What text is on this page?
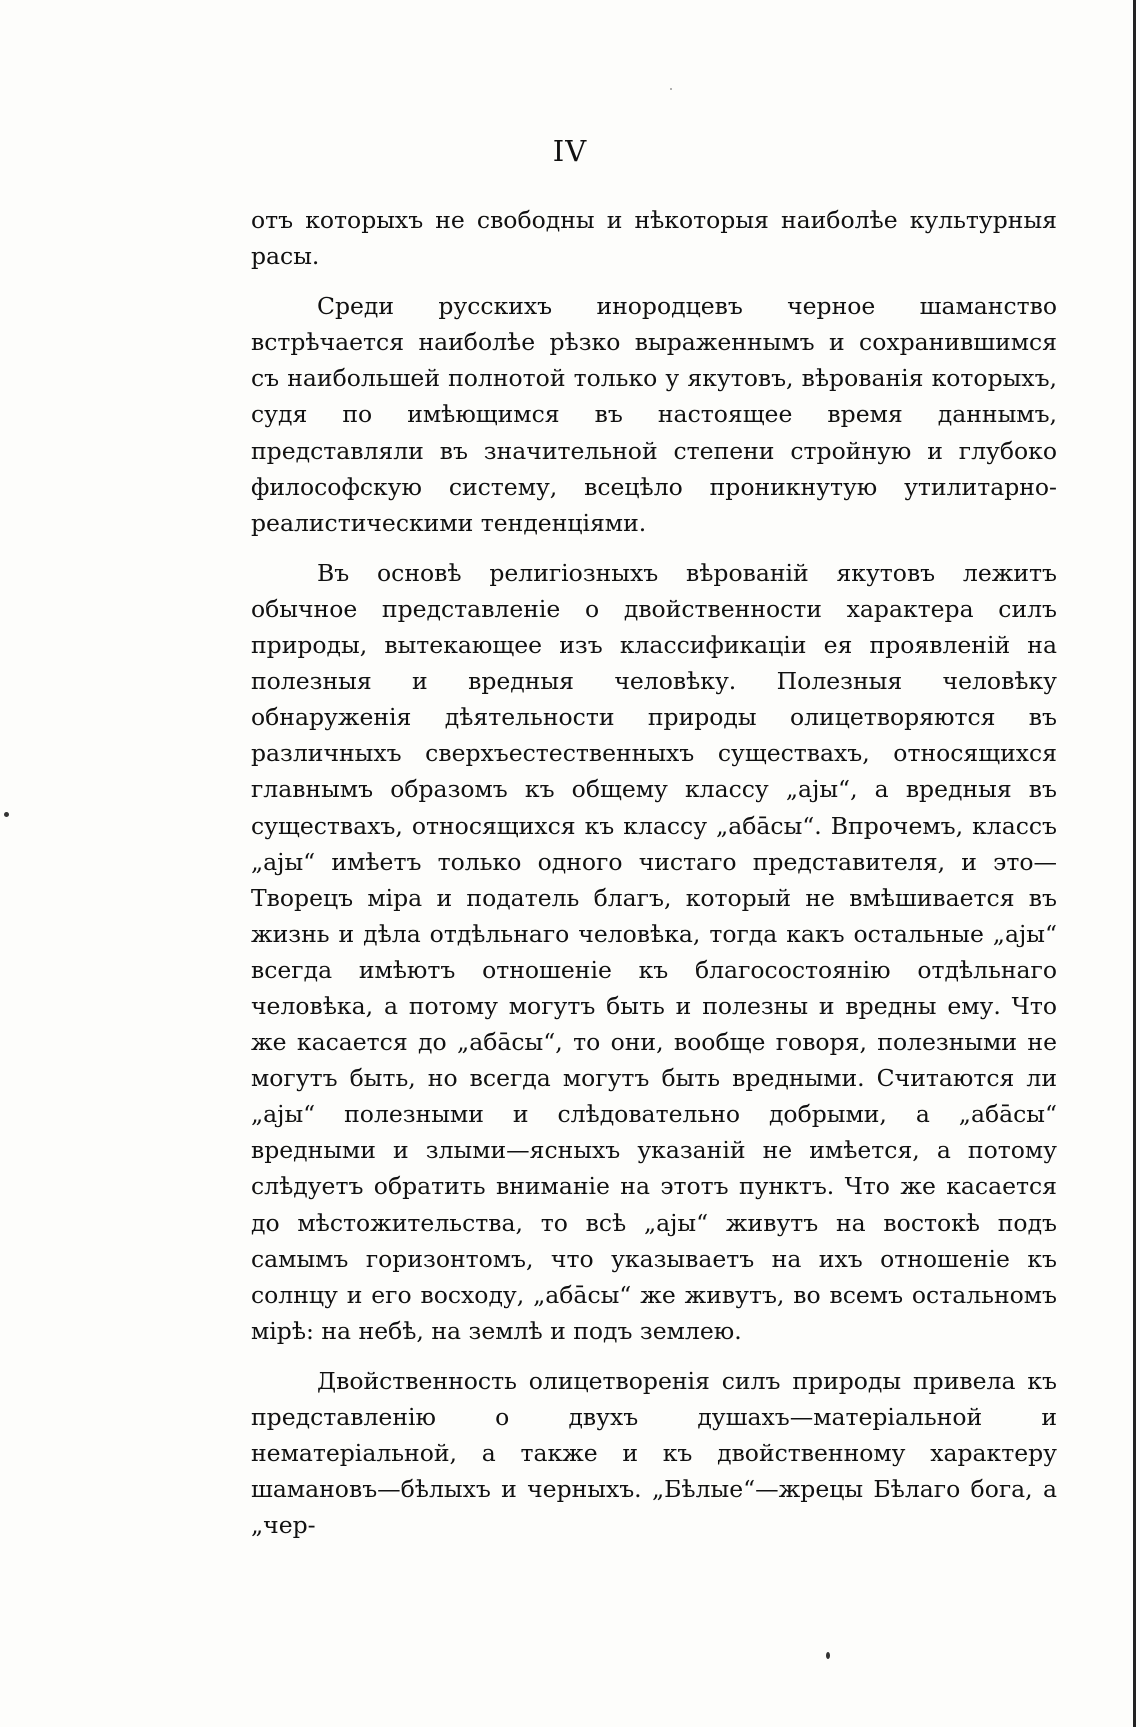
IV

отъ которыхъ не свободны и нѣкоторыя наиболѣе культурныя расы.

Среди русскихъ инородцевъ черное шаманство встрѣчается наиболѣе рѣзко выраженнымъ и сохранившимся съ наибольшей полнотой только у якутовъ, вѣрованія которыхъ, судя по имѣющимся въ настоящее время даннымъ, представляли въ значительной степени стройную и глубоко философскую систему, всецѣло проникнутую утилитарно-реалистическими тенденціями.

Въ основѣ религіозныхъ вѣрованій якутовъ лежитъ обычное представленіе о двойственности характера силъ природы, вытекающее изъ классификаціи ея проявленій на полезныя и вредныя человѣку. Полезныя человѣку обнаруженія дѣятельности природы олицетворяются въ различныхъ сверхъестественныхъ существахъ, относящихся главнымъ образомъ къ общему классу „аjы“, а вредныя въ существахъ, относящихся къ классу „абāсы“. Впрочемъ, классъ „аjы“ имѣетъ только одного чистаго представителя, и это—Творецъ міра и податель благъ, который не вмѣшивается въ жизнь и дѣла отдѣльнаго человѣка, тогда какъ остальные „аjы“ всегда имѣютъ отношеніе къ благосостоянію отдѣльнаго человѣка, а потому могутъ быть и полезны и вредны ему. Что же касается до „абāсы“, то они, вообще говоря, полезными не могутъ быть, но всегда могутъ быть вредными. Считаются ли „аjы“ полезными и слѣдовательно добрыми, а „абāсы“ вредными и злыми—ясныхъ указаній не имѣется, а потому слѣдуетъ обратить вниманіе на этотъ пунктъ. Что же касается до мѣстожительства, то всѣ „аjы“ живутъ на востокѣ подъ самымъ горизонтомъ, что указываетъ на ихъ отношеніе къ солнцу и его восходу, „абāсы“ же живутъ, во всемъ остальномъ мірѣ: на небѣ, на землѣ и подъ землею.

Двойственность олицетворенія силъ природы привела къ представленію о двухъ душахъ—матеріальной и нематеріальной, а также и къ двойственному характеру шамановъ—бѣлыхъ и черныхъ. „Бѣлые“—жрецы Бѣлаго бога, а „чер-
